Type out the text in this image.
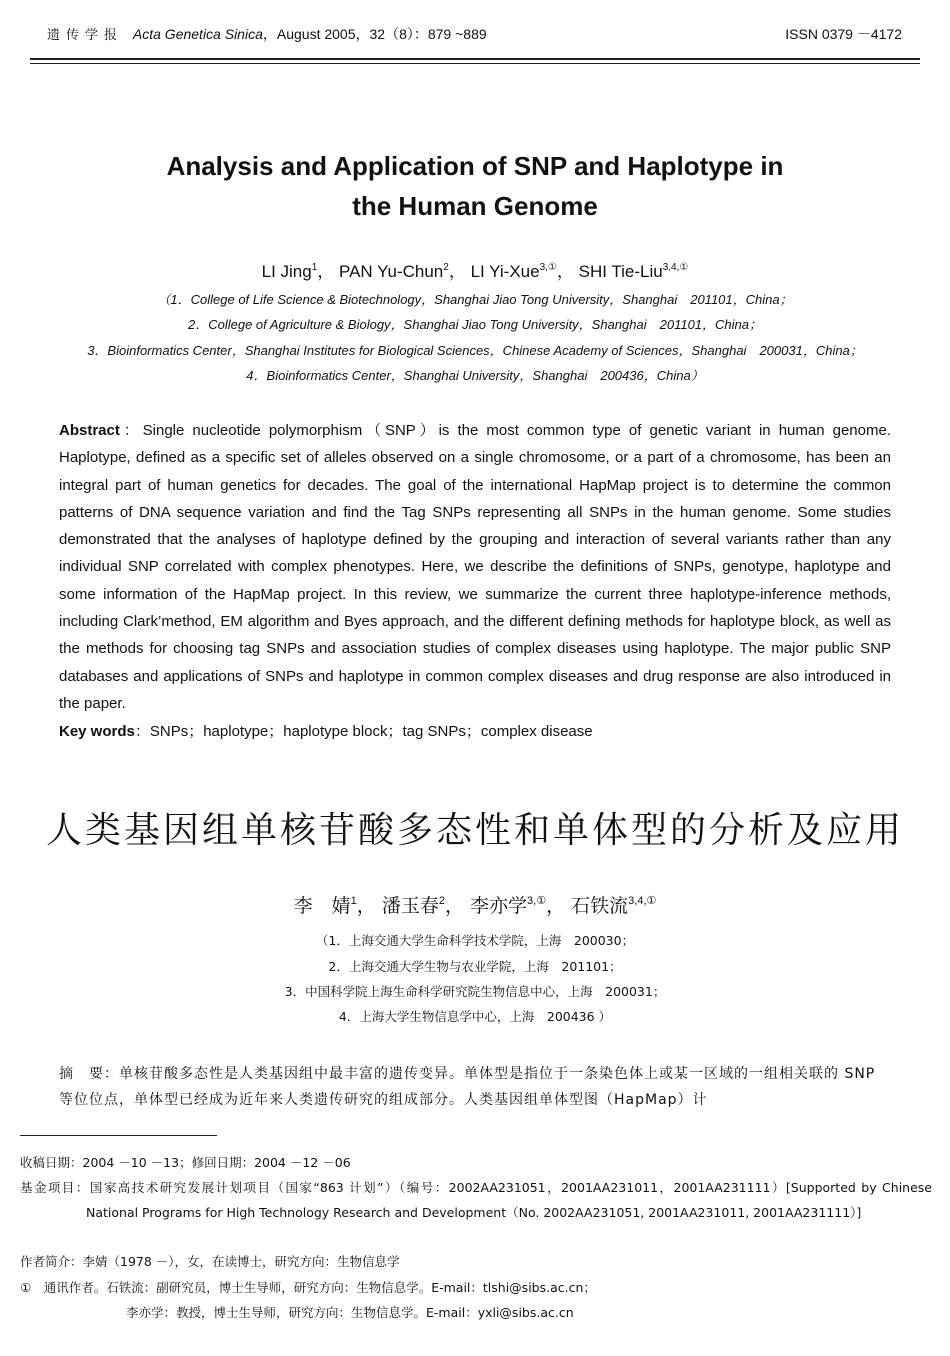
遗传学报 Acta Genetica Sinica，August 2005，32（8）：879 ~889	ISSN 0379 －4172
Analysis and Application of SNP and Haplotype in
the Human Genome
LI Jing$^1$， PAN Yu-Chun$^2$， LI Yi-Xue$^{3,①}$， SHI Tie-Liu$^{3,4,①}$
（1．College of Life Science & Biotechnology，Shanghai Jiao Tong University，Shanghai　201101，China；
2．College of Agriculture & Biology，Shanghai Jiao Tong University，Shanghai　201101，China；
3．Bioinformatics Center，Shanghai Institutes for Biological Sciences，Chinese Academy of Sciences，Shanghai　200031，China；
4．Bioinformatics Center，Shanghai University，Shanghai　200436，China）
Abstract：Single nucleotide polymorphism（SNP）is the most common type of genetic variant in human genome. Haplotype, defined as a specific set of alleles observed on a single chromosome, or a part of a chromosome, has been an integral part of human genetics for decades. The goal of the international HapMap project is to determine the common patterns of DNA sequence variation and find the Tag SNPs representing all SNPs in the human genome. Some studies demonstrated that the analyses of haplotype defined by the grouping and interaction of several variants rather than any individual SNP correlated with complex phenotypes. Here, we describe the definitions of SNPs, genotype, haplotype and some information of the HapMap project. In this review, we summarize the current three haplotype-inference methods, including Clark’method, EM algorithm and Byes approach, and the different defining methods for haplotype block, as well as the methods for choosing tag SNPs and association studies of complex diseases using haplotype. The major public SNP databases and applications of SNPs and haplotype in common complex diseases and drug response are also introduced in the paper.
Key words：SNPs；haplotype；haplotype block；tag SNPs；complex disease
人类基因组单核苷酸多态性和单体型的分析及应用
李　婧$^1$， 潘玉春$^2$， 李亦学$^{3,①}$， 石铁流$^{3,4,①}$
（1．上海交通大学生命科学技术学院，上海　200030；
2．上海交通大学生物与农业学院，上海　201101；
3．中国科学院上海生命科学研究院生物信息中心，上海　200031；
4．上海大学生物信息学中心，上海　200436 ）
摘　要：单核苷酸多态性是人类基因组中最丰富的遗传变异。单体型是指位于一条染色体上或某一区域的一组相关联的 SNP 等位位点，单体型已经成为近年来人类遗传研究的组成部分。人类基因组单体型图（HapMap）计
收稿日期：2004 －10 －13；修回日期：2004 －12 －06
基金项目：国家高技术研究发展计划项目（国家“863 计划”）（编号：2002AA231051，2001AA231011，2001AA231111）[Supported by Chinese National Programs for High Technology Research and Development（No. 2002AA231051, 2001AA231011, 2001AA231111）]
作者简介：李婧（1978 －），女，在读博士，研究方向：生物信息学
①　通讯作者。石铁流：副研究员，博士生导师，研究方向：生物信息学。E-mail：tlshi@sibs.ac.cn；
李亦学：教授，博士生导师，研究方向：生物信息学。E-mail：yxli@sibs.ac.cn
